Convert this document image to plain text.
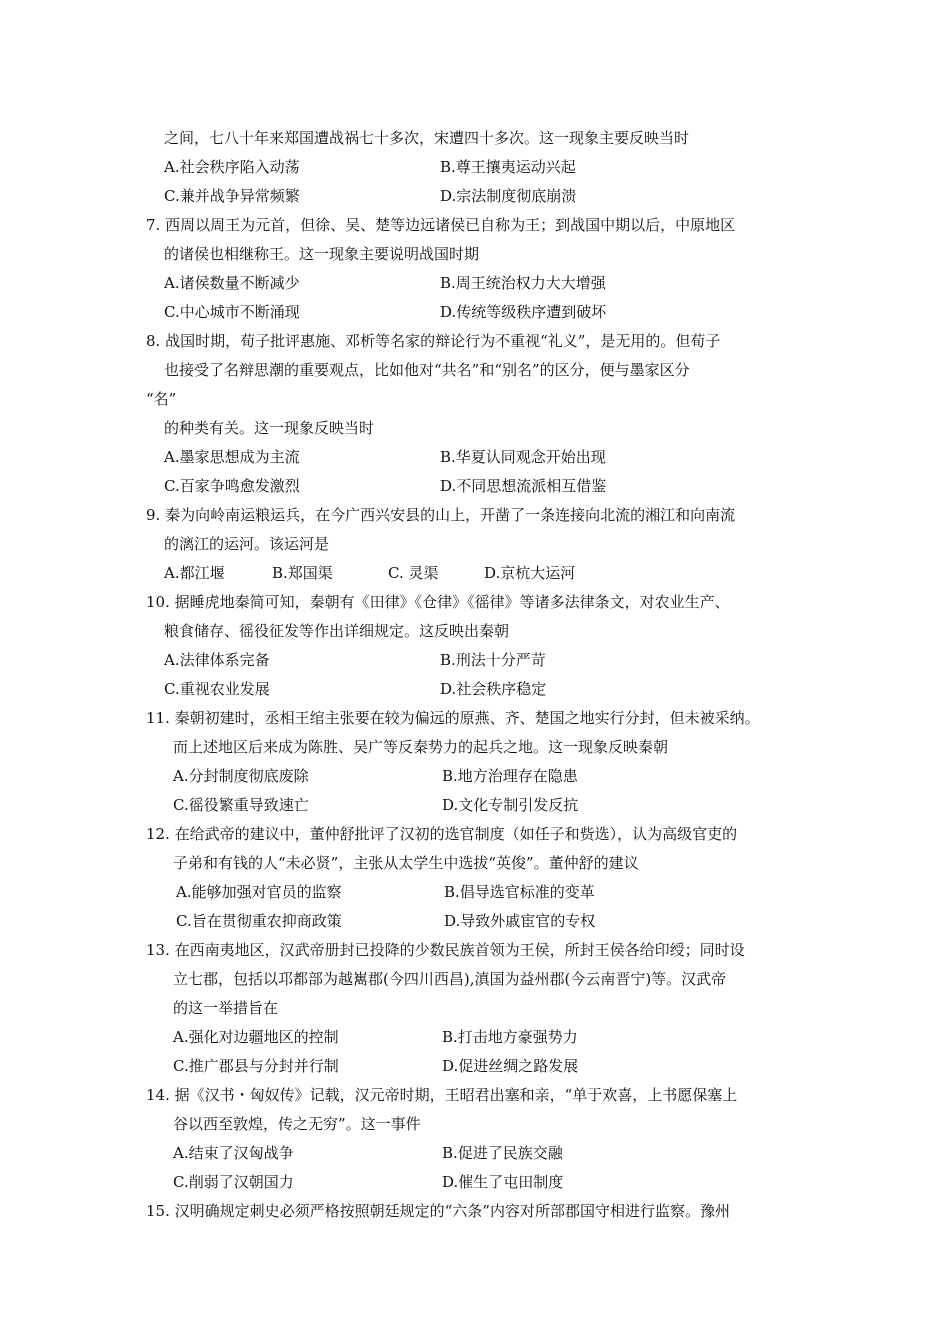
之间，七八十年来郑国遭战祸七十多次，宋遭四十多次。这一现象主要反映当时
A.社会秩序陷入动荡	B.尊王攘夷运动兴起
C.兼并战争异常频繁	D.宗法制度彻底崩溃
7. 西周以周王为元首，但徐、吴、楚等边远诸侯已自称为王；到战国中期以后，中原地区
的诸侯也相继称王。这一现象主要说明战国时期
A.诸侯数量不断减少	B.周王统治权力大大增强
C.中心城市不断涌现	D.传统等级秩序遭到破坏
8. 战国时期，荀子批评惠施、邓析等名家的辩论行为不重视“礼义”，是无用的。但荀子
也接受了名辩思潮的重要观点，比如他对“共名”和“别名”的区分，便与墨家区分
“名”
的种类有关。这一现象反映当时
A.墨家思想成为主流	B.华夏认同观念开始出现
C.百家争鸣愈发激烈	D.不同思想流派相互借鉴
9. 秦为向岭南运粮运兵，在今广西兴安县的山上，开凿了一条连接向北流的湘江和向南流
的漓江的运河。该运河是
A.都江堰	B.郑国渠	C. 灵渠	D.京杭大运河
10. 据睡虎地秦简可知，秦朝有《田律》《仓律》《徭律》等诸多法律条文，对农业生产、
粮食储存、徭役征发等作出详细规定。这反映出秦朝
A.法律体系完备	B.刑法十分严苛
C.重视农业发展	D.社会秩序稳定
11. 秦朝初建时，丞相王绾主张要在较为偏远的原燕、齐、楚国之地实行分封，但未被采纳。
而上述地区后来成为陈胜、吴广等反秦势力的起兵之地。这一现象反映秦朝
A.分封制度彻底废除	B.地方治理存在隐患
C.徭役繁重导致速亡	D.文化专制引发反抗
12. 在给武帝的建议中，董仲舒批评了汉初的选官制度（如任子和赀选），认为高级官吏的
子弟和有钱的人“未必贤”，主张从太学生中选拔“英俊”。董仲舒的建议
A.能够加强对官员的监察	B.倡导选官标准的变革
C.旨在贯彻重农抑商政策	D.导致外戚宦官的专权
13. 在西南夷地区，汉武帝册封已投降的少数民族首领为王侯，所封王侯各给印绶；同时设
立七郡，包括以邛都部为越嶲郡(今四川西昌),滇国为益州郡(今云南晋宁)等。汉武帝
的这一举措旨在
A.强化对边疆地区的控制	B.打击地方豪强势力
C.推广郡县与分封并行制	D.促进丝绸之路发展
14. 据《汉书・匈奴传》记载，汉元帝时期，王昭君出塞和亲，“单于欢喜，上书愿保塞上
谷以西至敦煌，传之无穷”。这一事件
A.结束了汉匈战争	B.促进了民族交融
C.削弱了汉朝国力	D.催生了屯田制度
15. 汉明确规定刺史必须严格按照朝廷规定的“六条”内容对所部郡国守相进行监察。豫州
